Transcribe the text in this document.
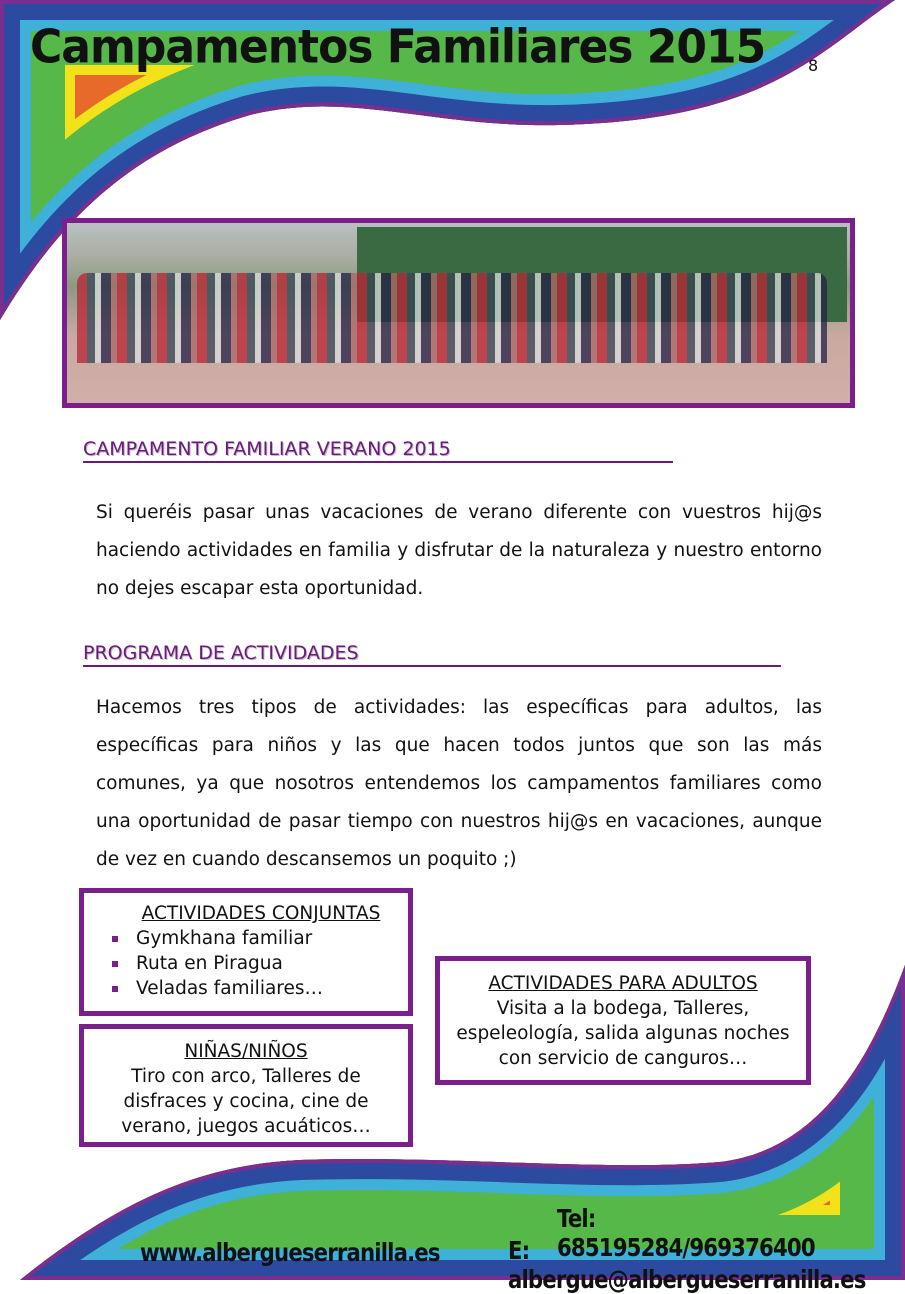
Campamentos Familiares 2015	8
CAMPAMENTO FAMILIAR VERANO 2015
Si queréis pasar unas vacaciones de verano diferente con vuestros hij@s haciendo actividades en familia y disfrutar de la naturaleza y nuestro entorno no dejes escapar esta oportunidad.
PROGRAMA DE ACTIVIDADES
Hacemos tres tipos de actividades: las específicas para adultos, las específicas para niños y las que hacen todos juntos que son las más comunes, ya que nosotros entendemos los campamentos familiares como una oportunidad de pasar tiempo con nuestros hij@s en vacaciones, aunque de vez en cuando descansemos un poquito ;)
ACTIVIDADES CONJUNTAS
Gymkhana familiar
Ruta en Piragua
Veladas familiares…
NIÑAS/NIÑOS
Tiro con arco, Talleres de disfraces y cocina, cine de verano, juegos acuáticos…
ACTIVIDADES PARA ADULTOS
Visita a la bodega, Talleres, espeleología, salida algunas noches con servicio de canguros…
Tel: 685195284/969376400
www.albergueserranilla.es	E: albergue@albergueserranilla.es
